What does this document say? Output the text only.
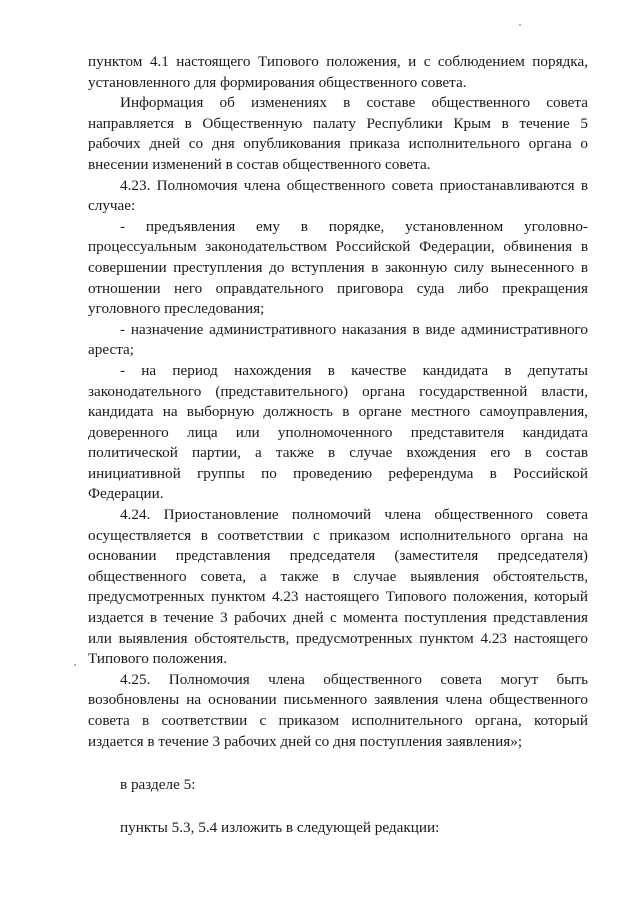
пунктом 4.1 настоящего Типового положения, и с соблюдением порядка, установленного для формирования общественного совета.

Информация об изменениях в составе общественного совета направляется в Общественную палату Республики Крым в течение 5 рабочих дней со дня опубликования приказа исполнительного органа о внесении изменений в состав общественного совета.

4.23. Полномочия члена общественного совета приостанавливаются в случае:

- предъявления ему в порядке, установленном уголовно-процессуальным законодательством Российской Федерации, обвинения в совершении преступления до вступления в законную силу вынесенного в отношении него оправдательного приговора суда либо прекращения уголовного преследования;

- назначение административного наказания в виде административного ареста;

- на период нахождения в качестве кандидата в депутаты законодательного (представительного) органа государственной власти, кандидата на выборную должность в органе местного самоуправления, доверенного лица или уполномоченного представителя кандидата политической партии, а также в случае вхождения его в состав инициативной группы по проведению референдума в Российской Федерации.

4.24. Приостановление полномочий члена общественного совета осуществляется в соответствии с приказом исполнительного органа на основании представления председателя (заместителя председателя) общественного совета, а также в случае выявления обстоятельств, предусмотренных пунктом 4.23 настоящего Типового положения, который издается в течение 3 рабочих дней с момента поступления представления или выявления обстоятельств, предусмотренных пунктом 4.23 настоящего Типового положения.

4.25. Полномочия члена общественного совета могут быть возобновлены на основании письменного заявления члена общественного совета в соответствии с приказом исполнительного органа, который издается в течение 3 рабочих дней со дня поступления заявления»;

в разделе 5:

пункты 5.3, 5.4 изложить в следующей редакции:
